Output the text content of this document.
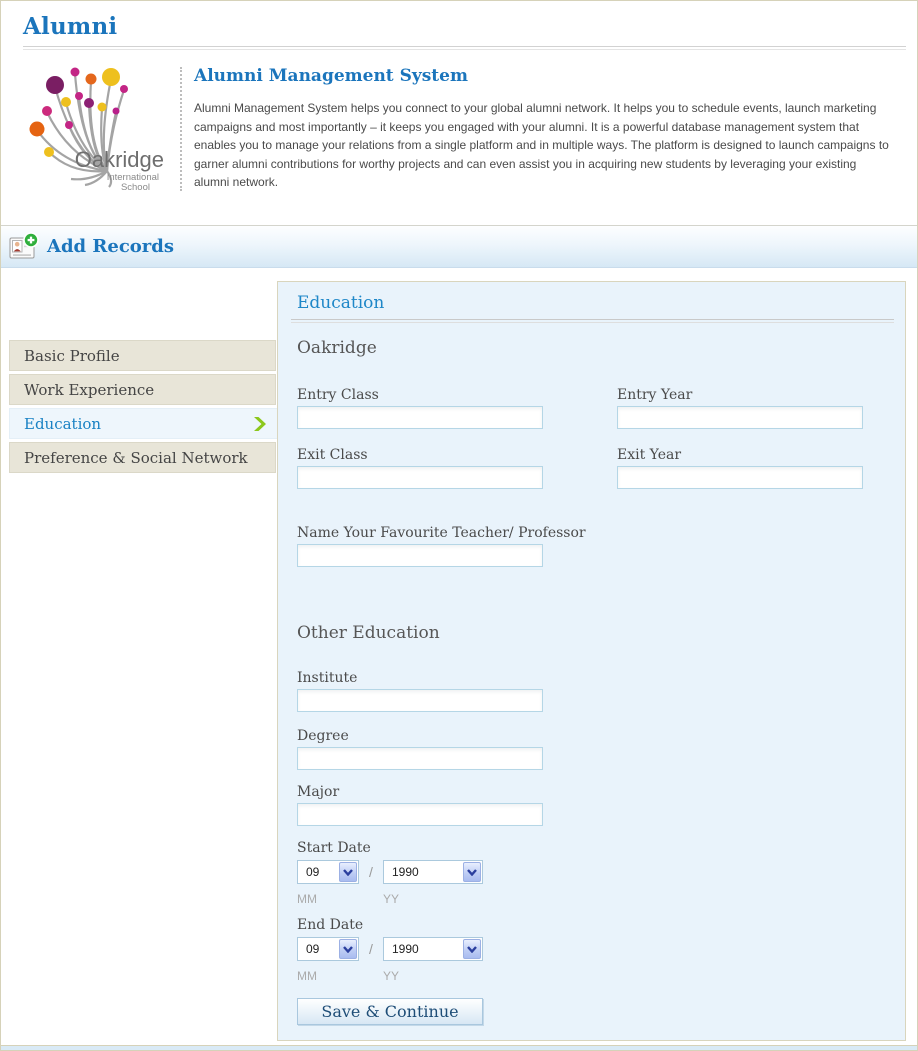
Alumni
Oakridge
International
School
Alumni Management System

Alumni Management System helps you connect to your global alumni network. It helps you to schedule events, launch marketing campaigns and most importantly – it keeps you engaged with your alumni. It is a powerful database management system that enables you to manage your relations from a single platform and in multiple ways. The platform is designed to launch campaigns to garner alumni contributions for worthy projects and can even assist you in acquiring new students by leveraging your existing alumni network.

Add Records
Basic Profile
Work Experience
Education
Preference & Social Network
Education
Oakridge
Entry Class	Entry Year
Exit Class	Exit Year
Name Your Favourite Teacher/ Professor
Other Education
Institute
Degree
Major
Start Date
09	/	1990
MM	YY
End Date
09	/	1990
MM	YY
Save & Continue
